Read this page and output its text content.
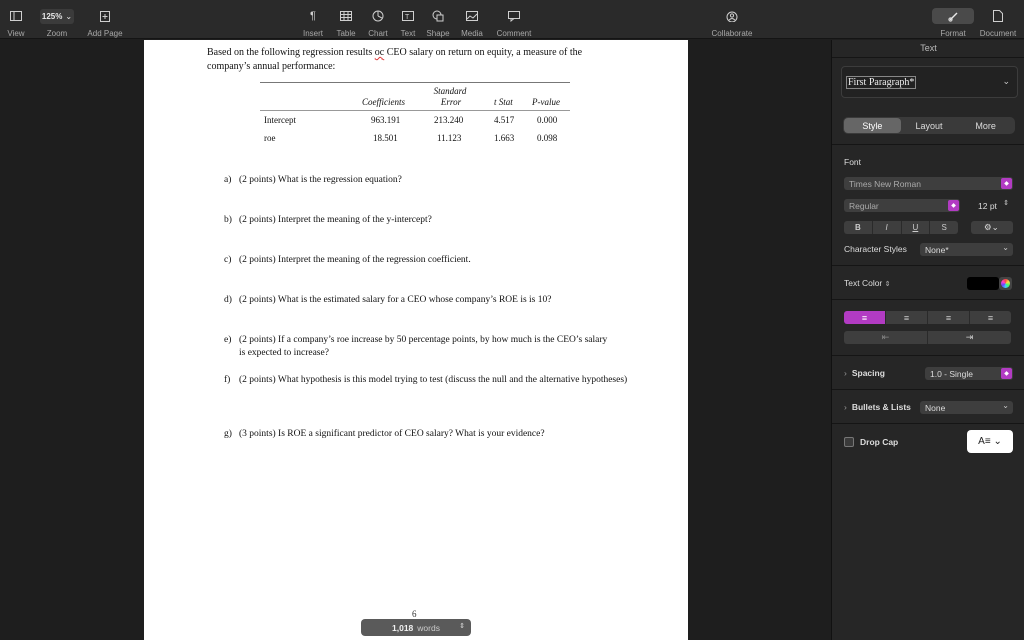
View
125% ⌄
Zoom	Add Page
¶
Insert Table Chart
T
Text Shape Media Comment	Collaborate	Format Document
Based on the following regression results oc CEO salary on return on equity, a measure of the company’s annual performance:
Coefficients
Standard
Error	t Stat P-value
Intercept	963.191	213.240	4.517	0.000
roe	18.501	11.123	1.663	0.098
a) (2 points) What is the regression equation?
b) (2 points) Interpret the meaning of the y-intercept?
c) (2 points) Interpret the meaning of the regression coefficient.
d) (2 points) What is the estimated salary for a CEO whose company’s ROE is is 10?
e) (2 points) If a company’s roe increase by 50 percentage points, by how much is the CEO’s salary is expected to increase?
f) (2 points) What hypothesis is this model trying to test (discuss the null and the alternative hypotheses)
g) (3 points) Is ROE a significant predictor of CEO salary? What is your evidence?
6
1,018 words	⇕
Text
First Paragraph*	⌄
Style	Layout	More
Font
Times New Roman	◆
Regular	◆	12 pt ⇕
B	I	U	S	⚙⌄
Character Styles None*	⌄
Text Color ⇕
≡	≡	≡	≡
⇤	⇥
› Spacing	1.0 - Single	◆
› Bullets & Lists None	⌄
Drop Cap	A≡ ⌄
